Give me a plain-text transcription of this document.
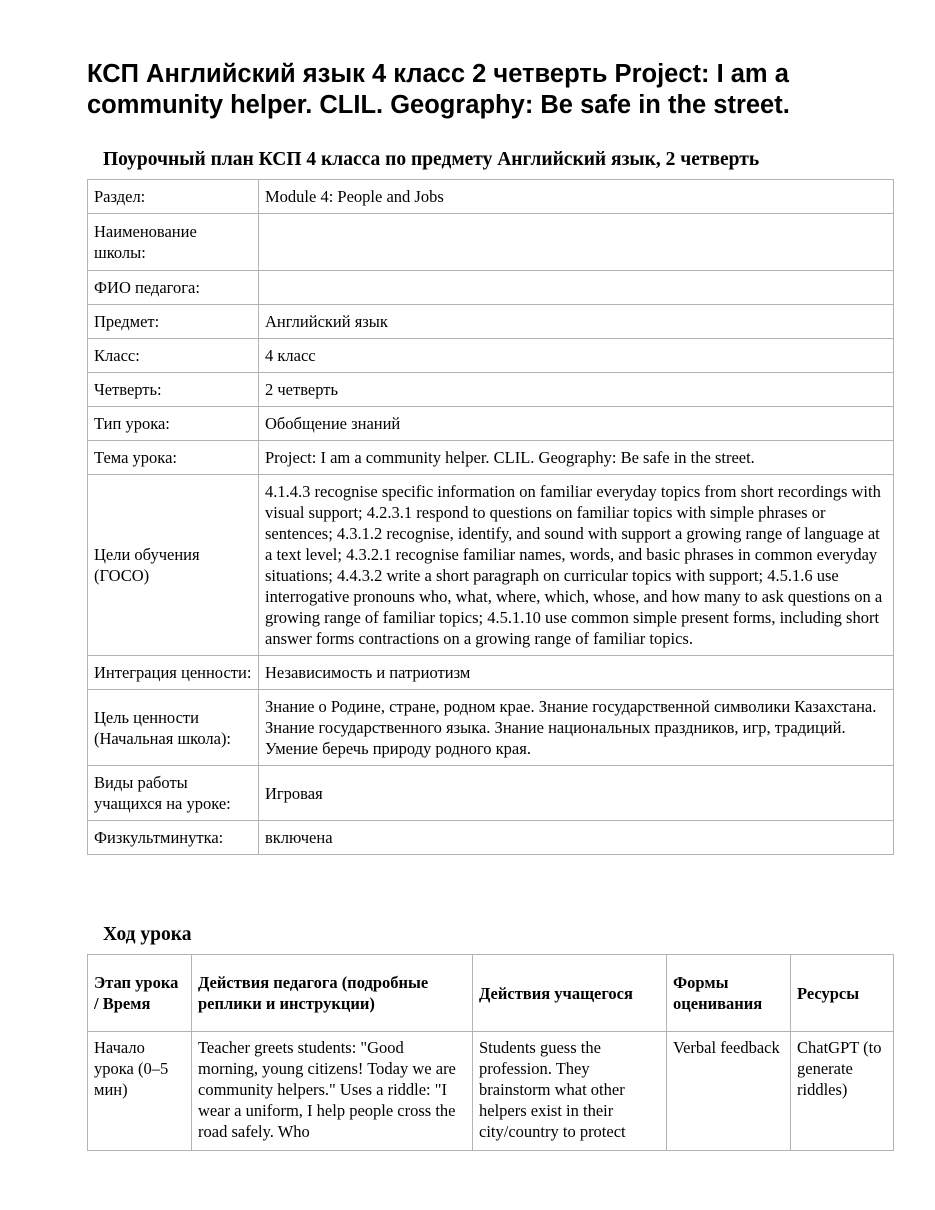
КСП Английский язык 4 класс 2 четверть Project: I am a community helper. CLIL. Geography: Be safe in the street.
Поурочный план КСП 4 класса по предмету Английский язык, 2 четверть
Раздел:	Module 4: People and Jobs
Наименование школы:	
ФИО педагога:	
Предмет:	Английский язык
Класс:	4 класс
Четверть:	2 четверть
Тип урока:	Обобщение знаний
Тема урока:	Project: I am a community helper. CLIL. Geography: Be safe in the street.
Цели обучения (ГОСО)	4.1.4.3 recognise specific information on familiar everyday topics from short recordings with visual support; 4.2.3.1 respond to questions on familiar topics with simple phrases or sentences; 4.3.1.2 recognise, identify, and sound with support a growing range of language at a text level; 4.3.2.1 recognise familiar names, words, and basic phrases in common everyday situations; 4.4.3.2 write a short paragraph on curricular topics with support; 4.5.1.6 use interrogative pronouns who, what, where, which, whose, and how many to ask questions on a growing range of familiar topics; 4.5.1.10 use common simple present forms, including short answer forms contractions on a growing range of familiar topics.
Интеграция ценности:	Независимость и патриотизм
Цель ценности (Начальная школа):	Знание о Родине, стране, родном крае. Знание государственной символики Казахстана. Знание государственного языка. Знание национальных праздников, игр, традиций. Умение беречь природу родного края.
Виды работы учащихся на уроке:	Игровая
Физкультминутка:	включена
Ход урока
Этап урока / Время	Действия педагога (подробные реплики и инструкции)	Действия учащегося	Формы оценивания	Ресурсы

Начало урока (0–5 мин)	Teacher greets students: "Good morning, young citizens! Today we are community helpers." Uses a riddle: "I wear a uniform, I help people cross the road safely. Who	Students guess the profession. They brainstorm what other helpers exist in their city/country to protect	Verbal feedback	ChatGPT (to generate riddles)
